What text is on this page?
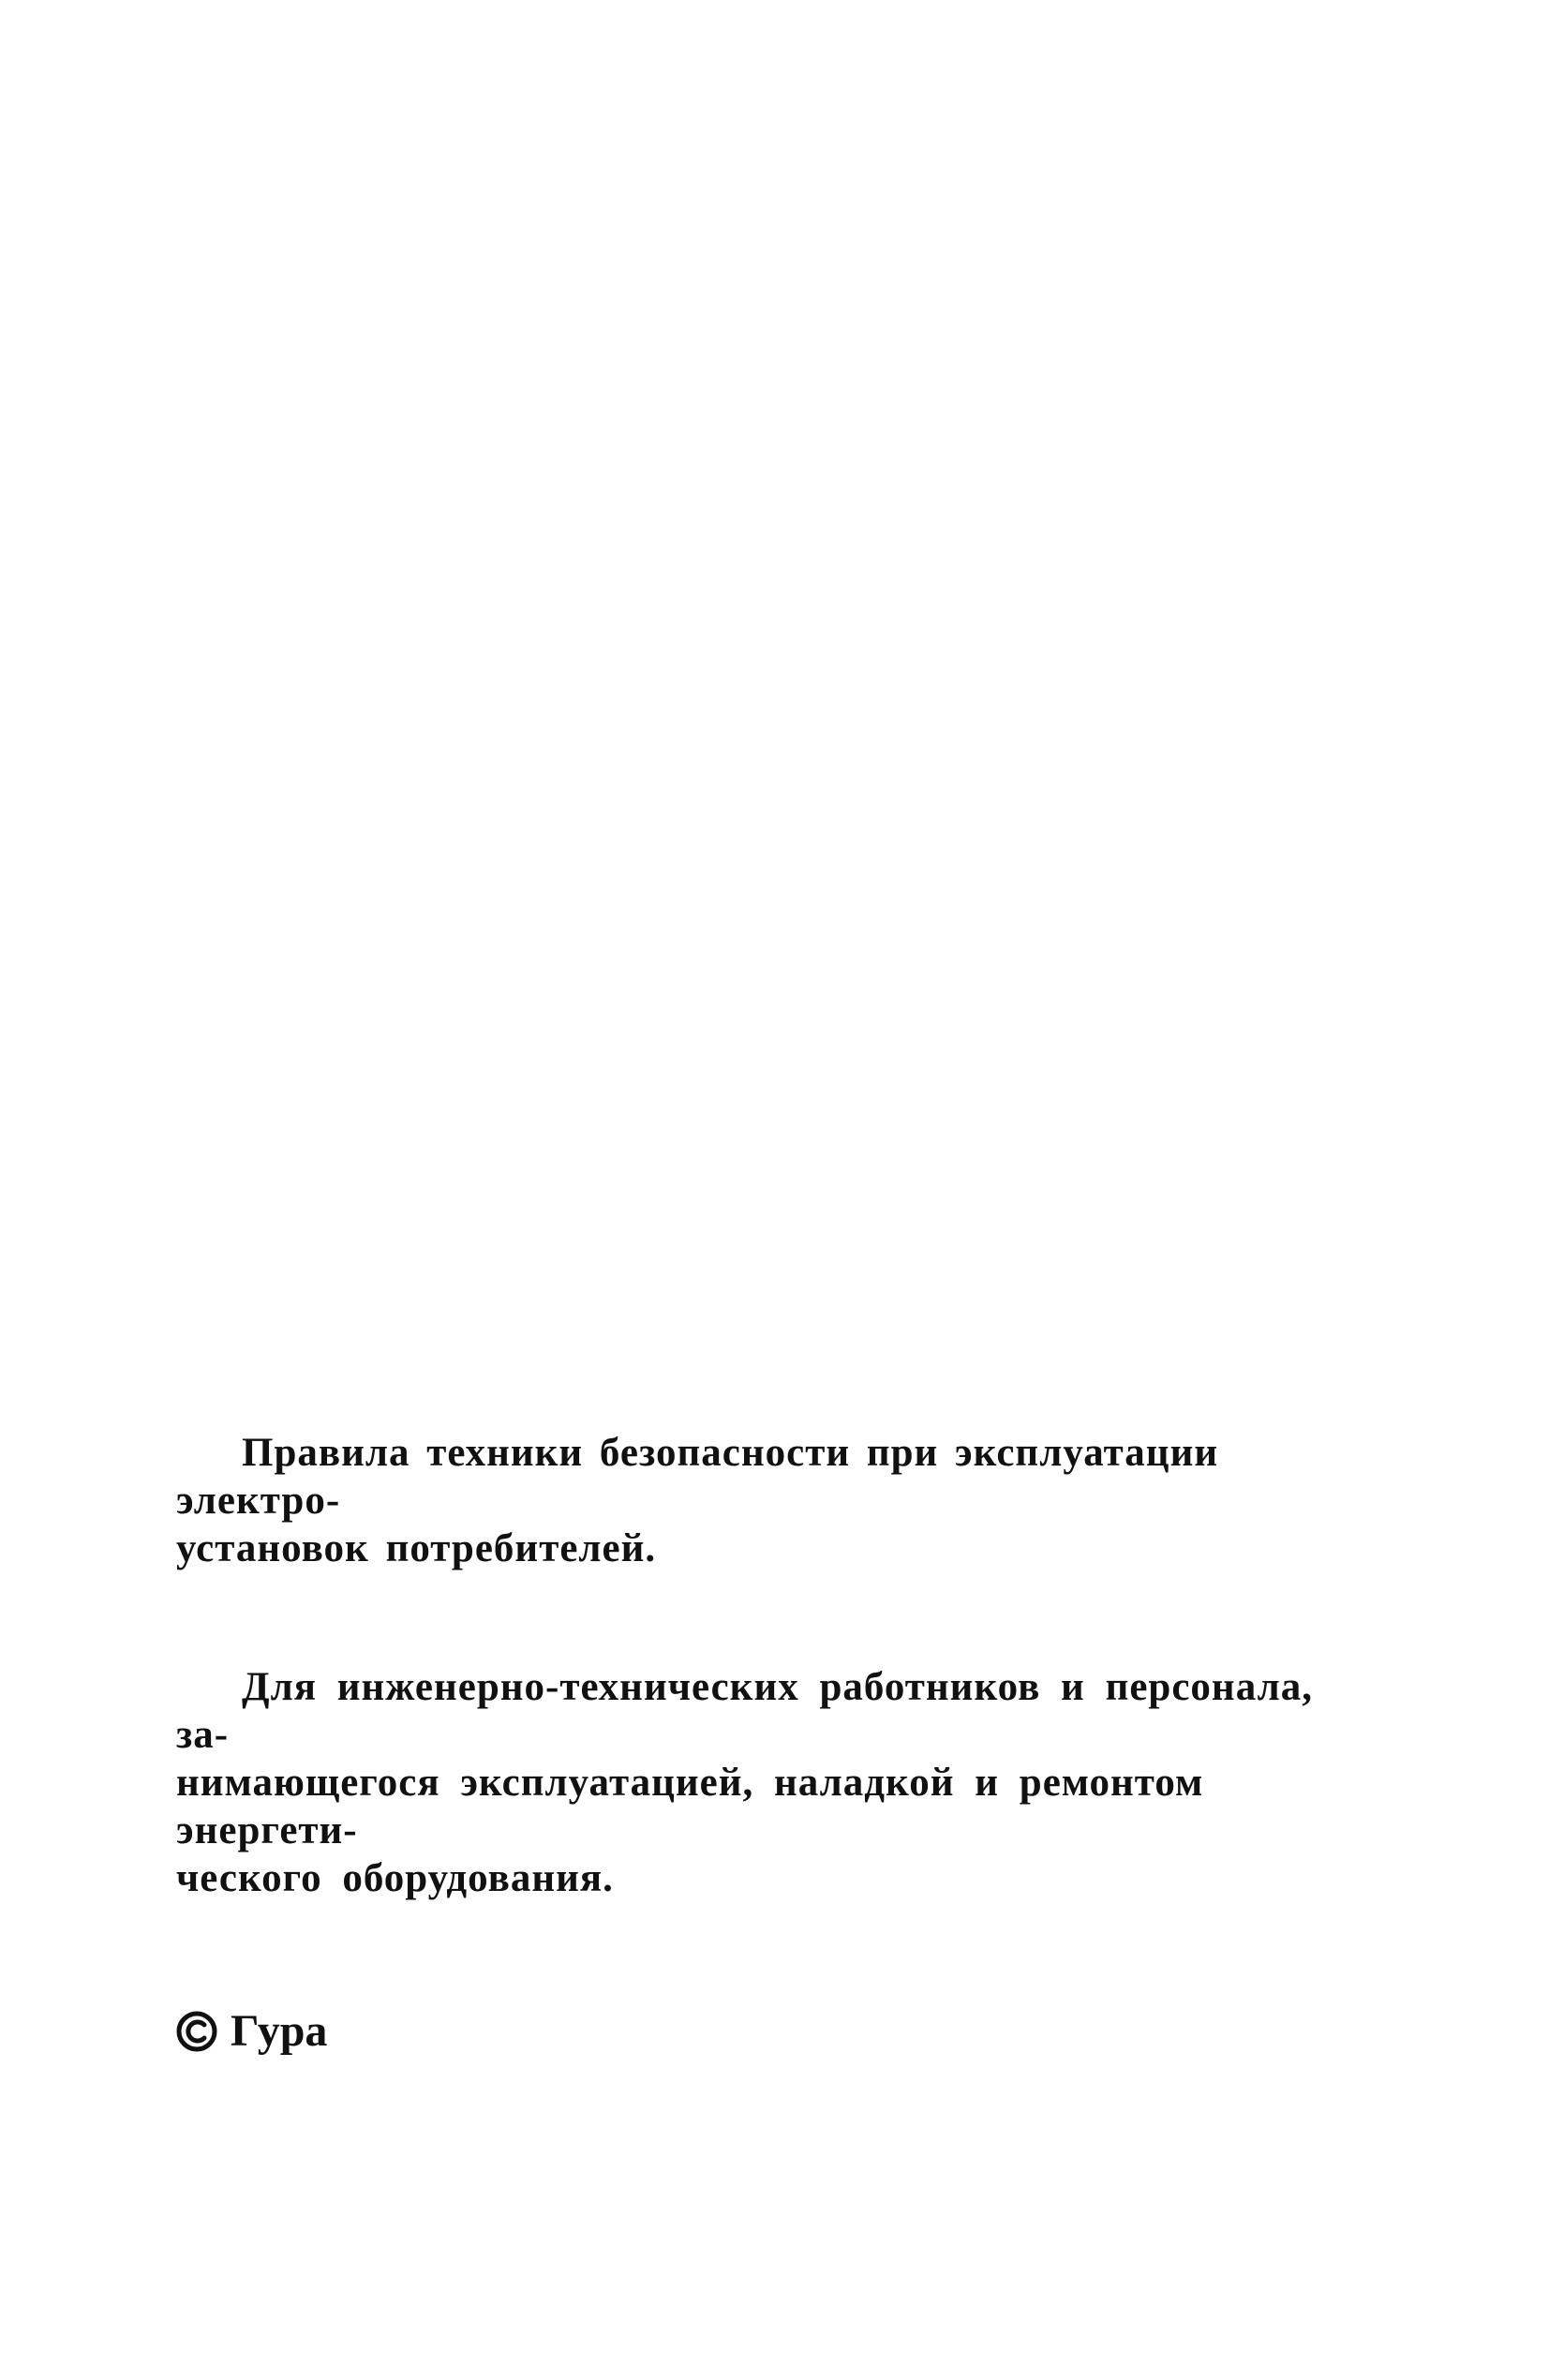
Правила техники безопасности при эксплуатации электро-
установок потребителей.

Для инженерно-технических работников и персонала, за-
нимающегося эксплуатацией, наладкой и ремонтом энергети-
ческого оборудования.

Гура
